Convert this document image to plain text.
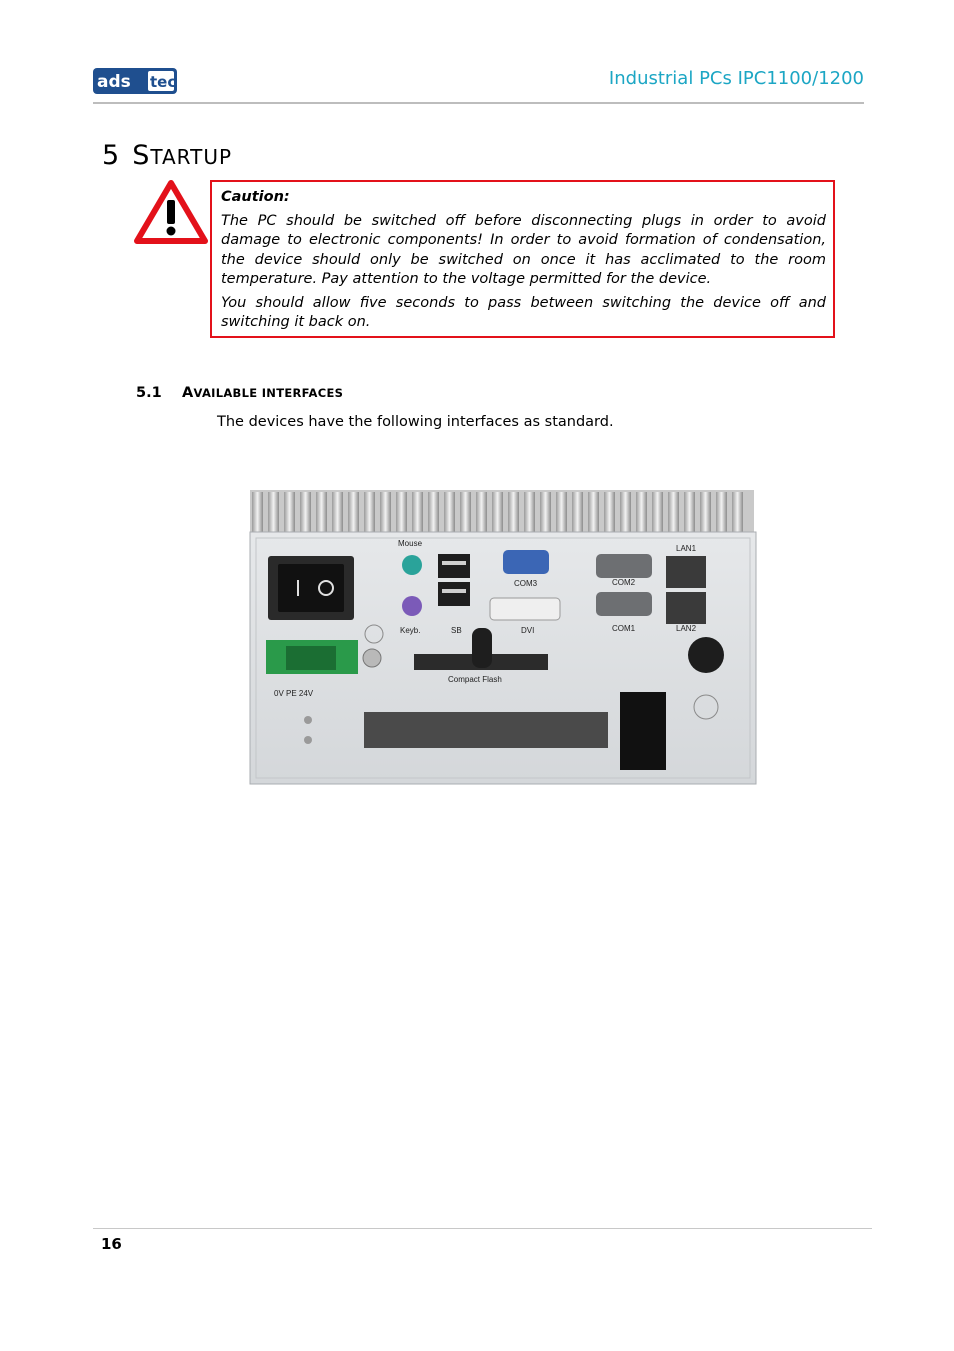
ads tec	Industrial PCs IPC1100/1200
5 STARTUP
Caution:

The PC should be switched off before disconnecting plugs in order to avoid damage to electronic components! In order to avoid formation of condensation, the device should only be switched on once it has acclimated to the room temperature. Pay attention to the voltage permitted for the device.

You should allow five seconds to pass between switching the device off and switching it back on.

5.1 AVAILABLE INTERFACES
The devices have the following interfaces as standard.
Mouse
Keyb.	SB
COM3
DVI
COM2
COM1
LAN1
LAN2
0V PE 24V
Compact Flash
16
